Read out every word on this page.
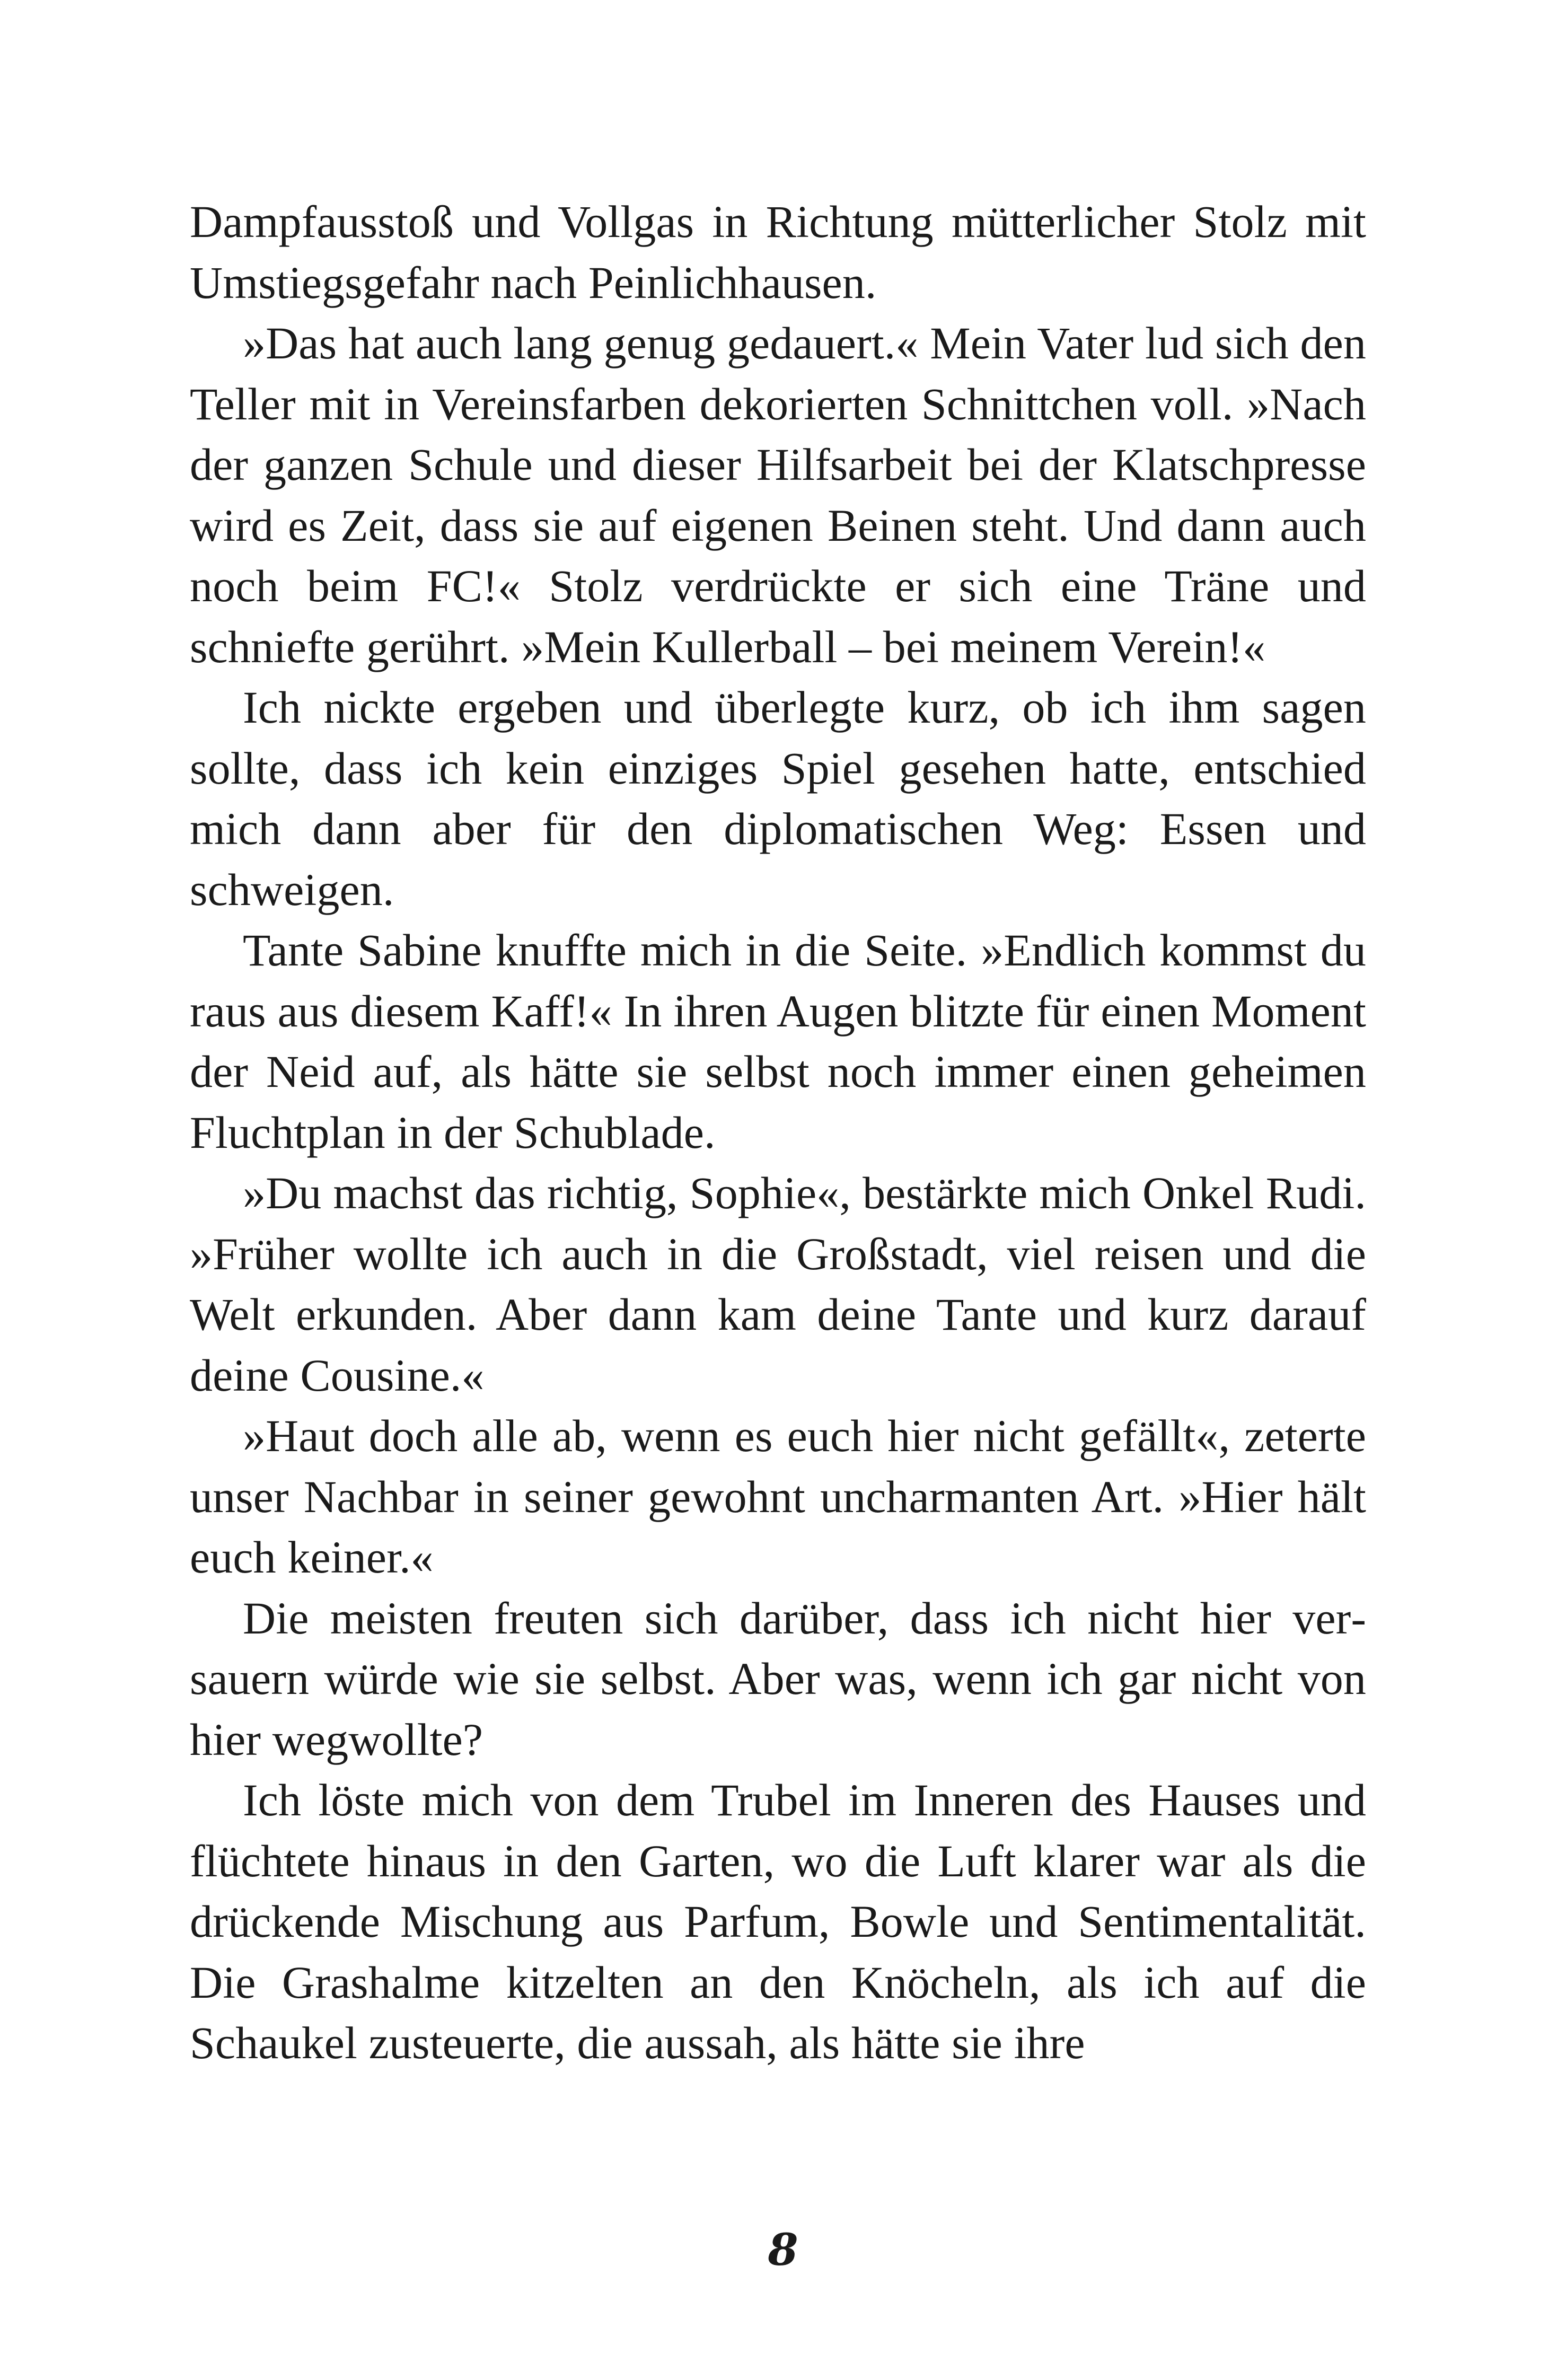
Dampfausstoß und Vollgas in Richtung mütterlicher Stolz mit Umstiegsgefahr nach Peinlichhausen.

»Das hat auch lang genug gedauert.« Mein Vater lud sich den Teller mit in Vereinsfarben dekorierten Schnittchen voll. »Nach der ganzen Schule und dieser Hilfsarbeit bei der Klatschpresse wird es Zeit, dass sie auf eigenen Beinen steht. Und dann auch noch beim FC!« Stolz verdrückte er sich eine Träne und schniefte gerührt. »Mein Kullerball – bei meinem Verein!«

Ich nickte ergeben und überlegte kurz, ob ich ihm sagen sollte, dass ich kein einziges Spiel gesehen hatte, entschied mich dann aber für den diplomatischen Weg: Essen und schweigen.

Tante Sabine knuffte mich in die Seite. »Endlich kommst du raus aus diesem Kaff!« In ihren Augen blitzte für einen Moment der Neid auf, als hätte sie selbst noch immer einen geheimen Fluchtplan in der Schublade.

»Du machst das richtig, Sophie«, bestärkte mich Onkel Rudi. »Früher wollte ich auch in die Großstadt, viel reisen und die Welt erkunden. Aber dann kam deine Tante und kurz darauf deine Cousine.«

»Haut doch alle ab, wenn es euch hier nicht gefällt«, zeterte unser Nachbar in seiner gewohnt uncharmanten Art. »Hier hält euch keiner.«

Die meisten freuten sich darüber, dass ich nicht hier versauern würde wie sie selbst. Aber was, wenn ich gar nicht von hier wegwollte?

Ich löste mich von dem Trubel im Inneren des Hauses und flüchtete hinaus in den Garten, wo die Luft klarer war als die drückende Mischung aus Parfum, Bowle und Sentimentalität. Die Grashalme kitzelten an den Knöcheln, als ich auf die Schaukel zusteuerte, die aussah, als hätte sie ihre

8
